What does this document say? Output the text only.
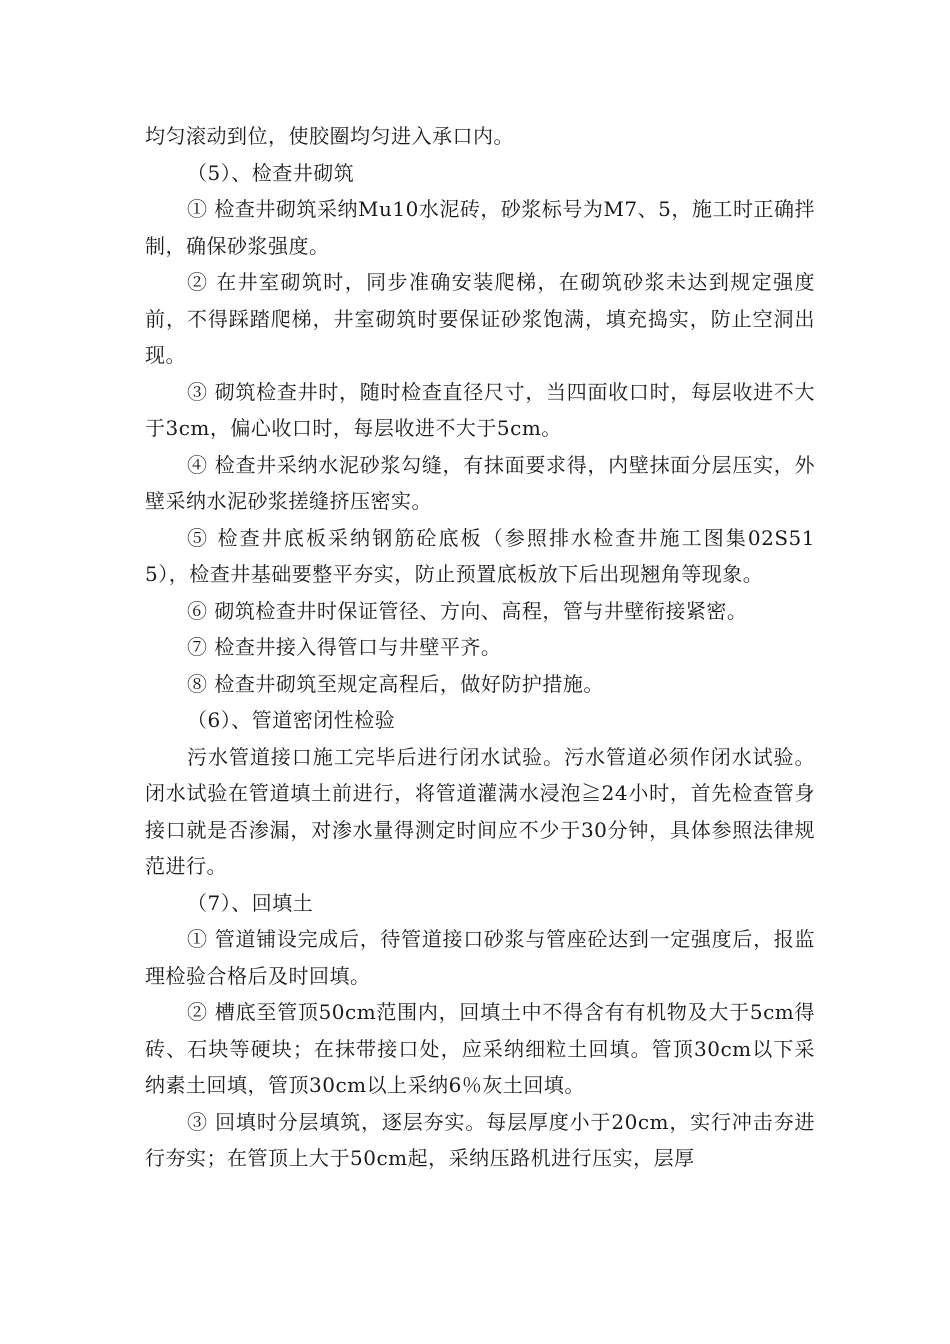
均匀滚动到位，使胶圈均匀进入承口内。

（5）、检查井砌筑

① 检查井砌筑采纳Mu10水泥砖，砂浆标号为M7、5，施工时正确拌制，确保砂浆强度。

② 在井室砌筑时，同步准确安装爬梯，在砌筑砂浆未达到规定强度前，不得踩踏爬梯，井室砌筑时要保证砂浆饱满，填充捣实，防止空洞出现。

③ 砌筑检查井时，随时检查直径尺寸，当四面收口时，每层收进不大于3cm，偏心收口时，每层收进不大于5cm。

④ 检查井采纳水泥砂浆勾缝，有抹面要求得，内壁抹面分层压实，外壁采纳水泥砂浆搓缝挤压密实。

⑤ 检查井底板采纳钢筋砼底板（参照排水检查井施工图集02S515），检查井基础要整平夯实，防止预置底板放下后出现翘角等现象。

⑥ 砌筑检查井时保证管径、方向、高程，管与井壁衔接紧密。

⑦ 检查井接入得管口与井壁平齐。

⑧ 检查井砌筑至规定高程后，做好防护措施。

（6）、管道密闭性检验

污水管道接口施工完毕后进行闭水试验。污水管道必须作闭水试验。闭水试验在管道填土前进行，将管道灌满水浸泡≧24小时，首先检查管身接口就是否渗漏，对渗水量得测定时间应不少于30分钟，具体参照法律规范进行。

（7）、回填土

① 管道铺设完成后，待管道接口砂浆与管座砼达到一定强度后，报监理检验合格后及时回填。

② 槽底至管顶50cm范围内，回填土中不得含有有机物及大于5cm得砖、石块等硬块；在抹带接口处，应采纳细粒土回填。管顶30cm以下采纳素土回填，管顶30cm以上采纳6％灰土回填。

③ 回填时分层填筑，逐层夯实。每层厚度小于20cm，实行冲击夯进行夯实；在管顶上大于50cm起，采纳压路机进行压实，层厚
